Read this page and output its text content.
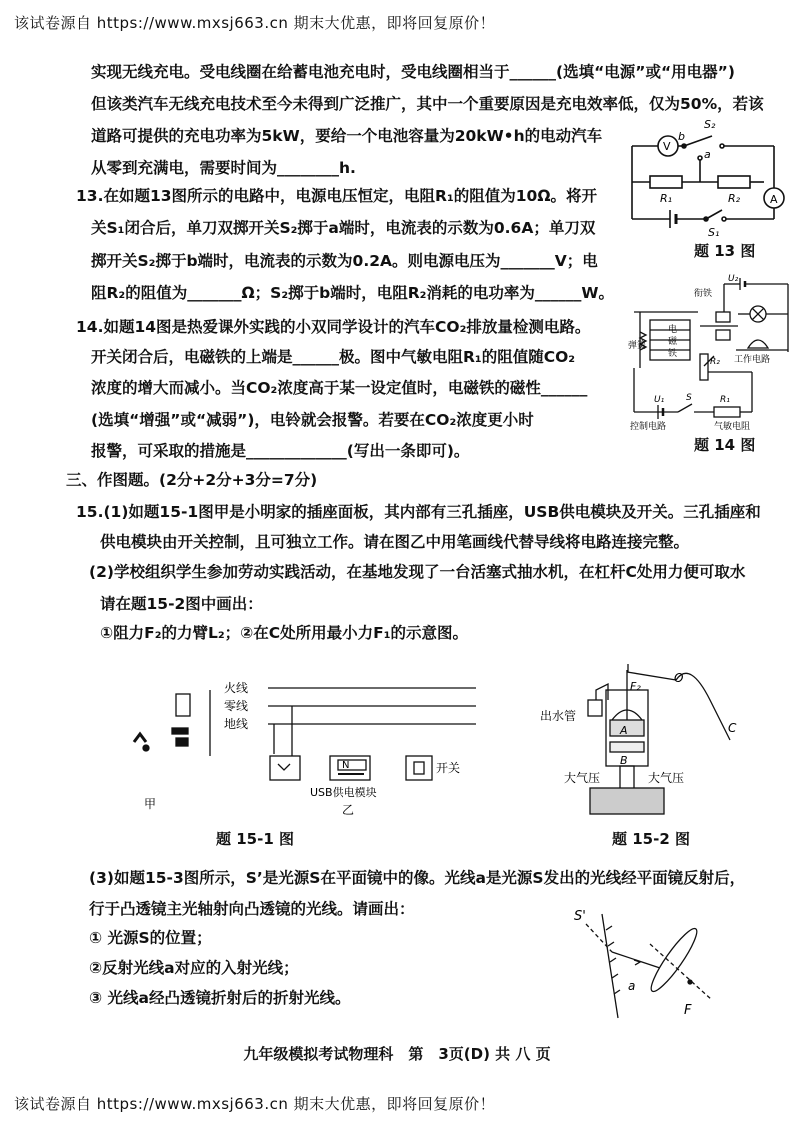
该试卷源自 https://www.mxsj663.cn 期末大优惠，即将回复原价！
该试卷源自 https://www.mxsj663.cn 期末大优惠，即将回复原价！
实现无线充电。受电线圈在给蓄电池充电时，受电线圈相当于______(选填“电源”或“用电器”)
但该类汽车无线充电技术至今未得到广泛推广，其中一个重要原因是充电效率低，仅为50%，若该
道路可提供的充电功率为5kW，要给一个电池容量为20kW•h的电动汽车
从零到充满电，需要时间为________h.
13.在如题13图所示的电路中，电源电压恒定，电阻R₁的阻值为10Ω。将开
关S₁闭合后，单刀双掷开关S₂掷于a端时，电流表的示数为0.6A；单刀双
掷开关S₂掷于b端时，电流表的示数为0.2A。则电源电压为_______V；电
阻R₂的阻值为_______Ω；S₂掷于b端时，电阻R₂消耗的电功率为______W。
14.如题14图是热爱课外实践的小双同学设计的汽车CO₂排放量检测电路。
开关闭合后，电磁铁的上端是______极。图中气敏电阻R₁的阻值随CO₂
浓度的增大而减小。当CO₂浓度高于某一设定值时，电磁铁的磁性______
(选填“增强”或“减弱”)，电铃就会报警。若要在CO₂浓度更小时
报警，可采取的措施是_____________(写出一条即可)。
三、作图题。(2分+2分+3分=7分)
15.(1)如题15-1图甲是小明家的插座面板，其内部有三孔插座，USB供电模块及开关。三孔插座和
供电模块由开关控制，且可独立工作。请在图乙中用笔画线代替导线将电路连接完整。
(2)学校组织学生参加劳动实践活动，在基地发现了一台活塞式抽水机，在杠杆C处用力便可取水
请在题15-2图中画出：
①阻力F₂的力臂L₂；②在C处所用最小力F₁的示意图。
(3)如题15-3图所示，S’是光源S在平面镜中的像。光线a是光源S发出的光线经平面镜反射后，
行于凸透镜主光轴射向凸透镜的光线。请画出：
① 光源S的位置；
②反射光线a对应的入射光线；
③ 光线a经凸透镜折射后的折射光线。
V
A
b
a
S₂
S₁
R₁	R₂
题 13 图
U₂
衔铁
电
磁
铁
弹簧
R₂ 工作电路
U₁ S	R₁
控制电路	气敏电阻
题 14 图
火线
零线
地线
N
USB供电模块
开关
甲	乙
题 15-1 图
出水管
F₂
O
A
B
大气压	大气压
C
题 15-2 图
S'
a
F
九年级模拟考试物理科　第　3页(D) 共 八 页
